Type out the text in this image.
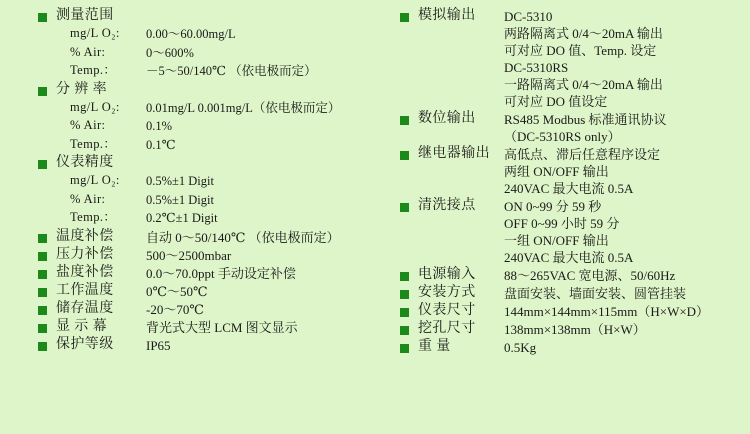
测量范围
mg/L O₂:	0.00～60.00mg/L
% Air:	0～600%
Temp.：	－5～50/140℃ （依电极而定）
分 辨 率
mg/L O₂:	0.01mg/L 0.001mg/L（依电极而定）
% Air:	0.1%
Temp.：	0.1℃
仪表精度
mg/L O₂:	0.5%±1 Digit
% Air:	0.5%±1 Digit
Temp.：	0.2℃±1 Digit
温度补偿	自动 0～50/140℃ （依电极而定）
压力补偿	500～2500mbar
盐度补偿	0.0～70.0ppt 手动设定补偿
工作温度	0℃～50℃
储存温度	-20～70℃
显 示 幕	背光式大型 LCM 图文显示
保护等级	IP65
模拟输出	DC-5310
两路隔离式 0/4～20mA 输出
可对应 DO 值、Temp. 设定
DC-5310RS
一路隔离式 0/4～20mA 输出
可对应 DO 值设定
数位输出	RS485 Modbus 标准通讯协议
（DC-5310RS only）
继电器输出	高低点、滞后任意程序设定
两组 ON/OFF 输出
240VAC 最大电流 0.5A
清洗接点	ON 0~99 分 59 秒
OFF 0~99 小时 59 分
一组 ON/OFF 输出
240VAC 最大电流 0.5A
电源输入	88～265VAC 宽电源、50/60Hz
安装方式	盘面安装、墙面安装、圆管挂装
仪表尺寸	144mm×144mm×115mm（H×W×D）
挖孔尺寸	138mm×138mm（H×W）
重 量	0.5Kg
